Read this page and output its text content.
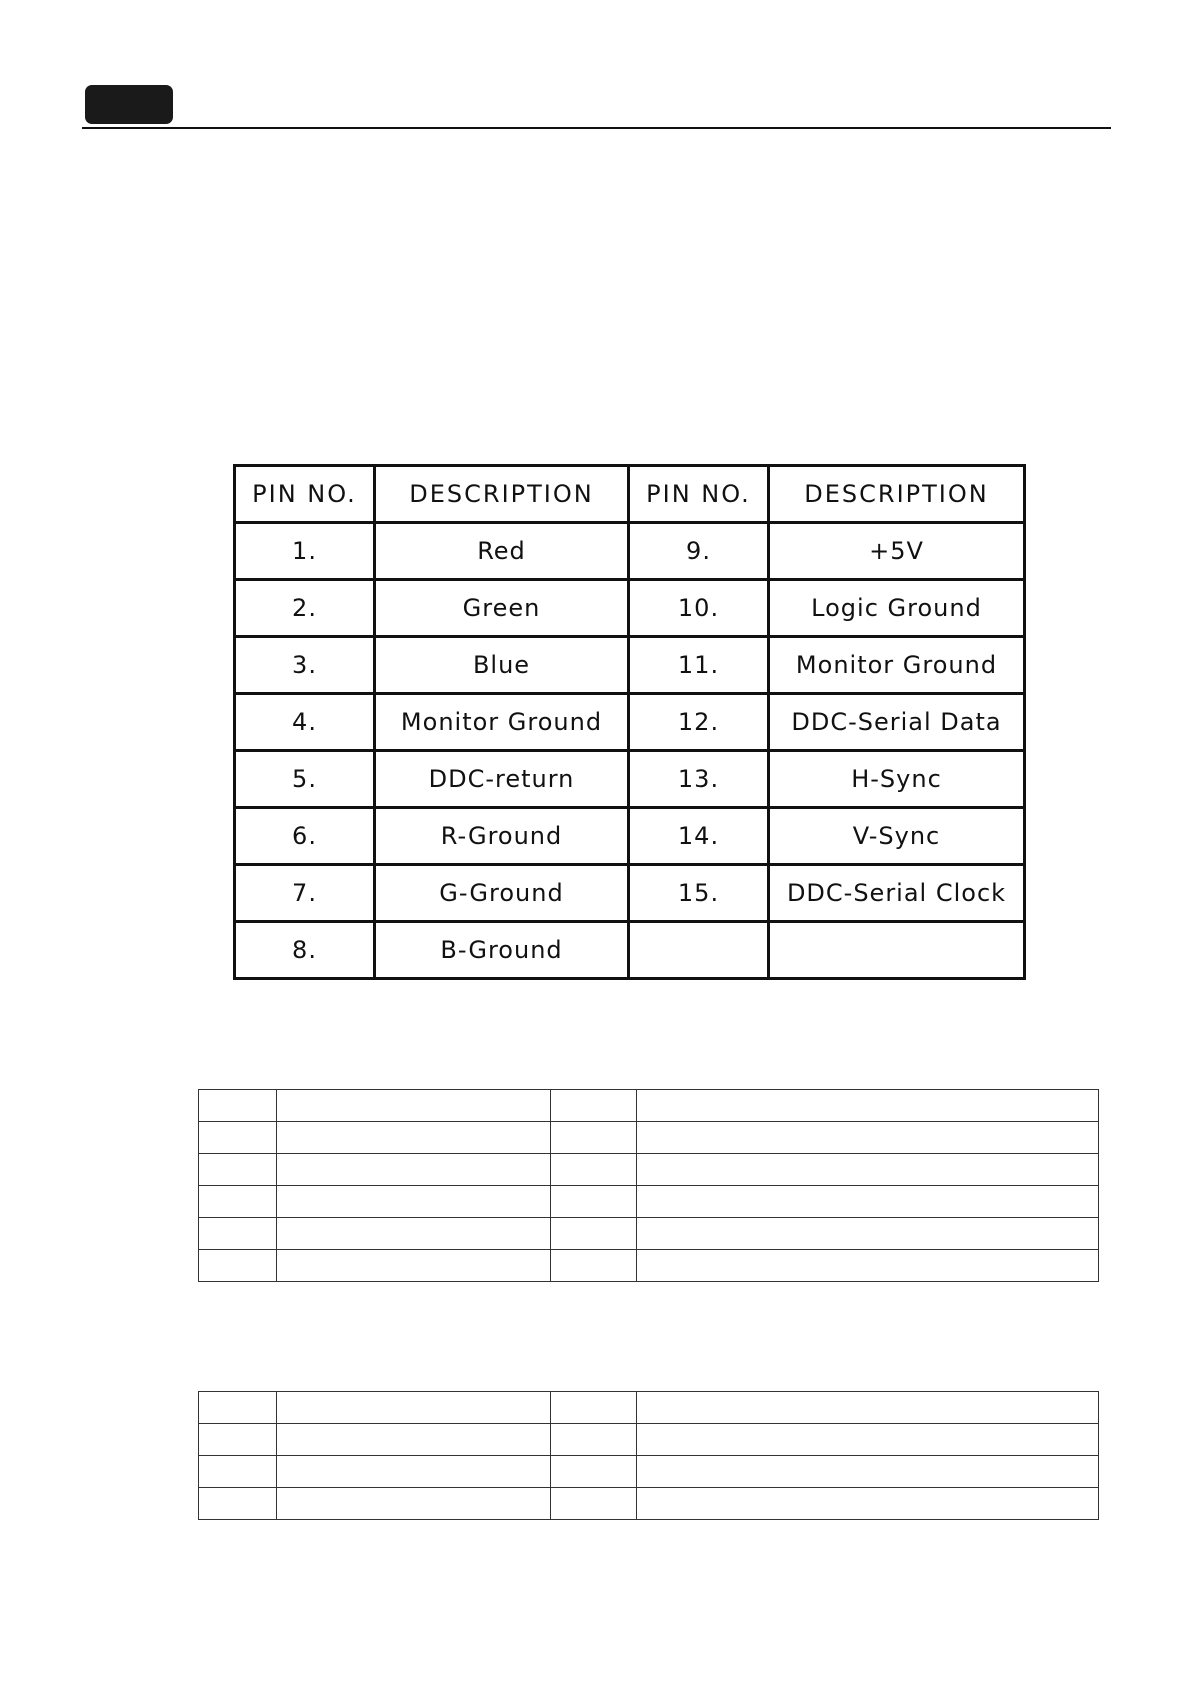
PIN NO.	DESCRIPTION	PIN NO.	DESCRIPTION
1.	Red	9.	+5V
2.	Green	10.	Logic Ground
3.	Blue	11.	Monitor Ground
4.	Monitor Ground	12.	DDC-Serial Data
5.	DDC-return	13.	H-Sync
6.	R-Ground	14.	V-Sync
7.	G-Ground	15.	DDC-Serial Clock
8.	B-Ground		
